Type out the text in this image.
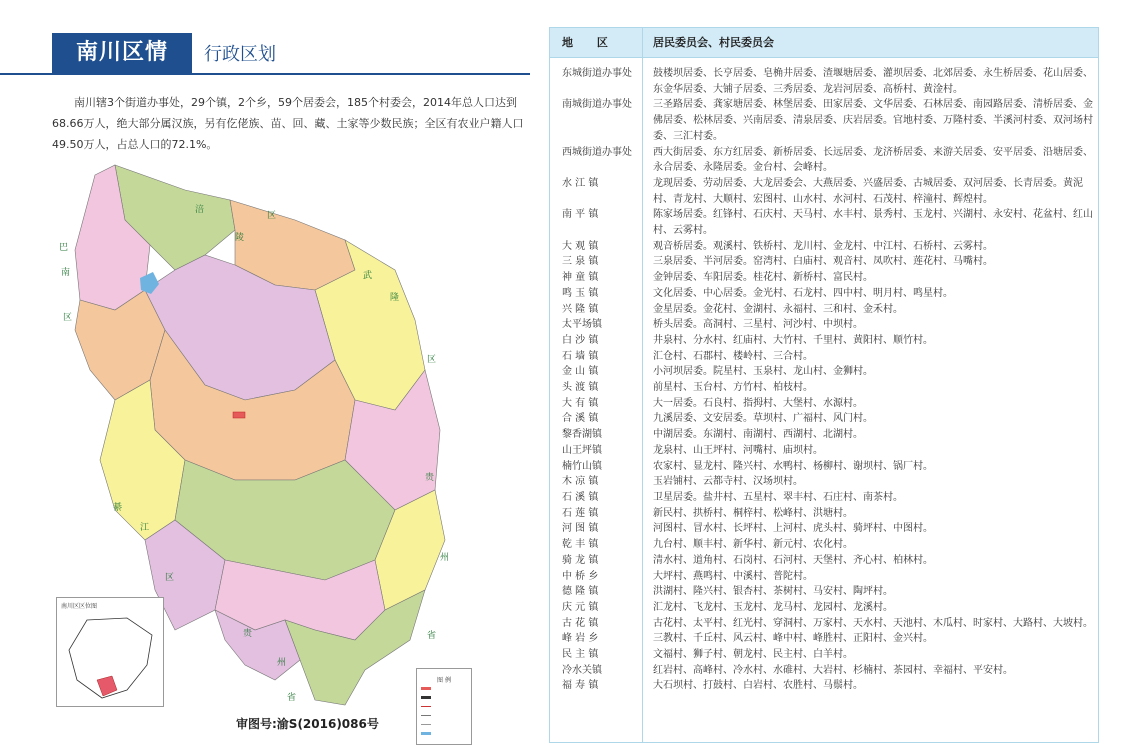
南川区情	行政区划

南川辖3个街道办事处，29个镇，2个乡，59个居委会，185个村委会，2014年总人口达到68.66万人，绝大部分属汉族，另有仡佬族、苗、回、藏、土家等少数民族；全区有农业户籍人口49.50万人，占总人口的72.1%。

涪
陵
区
武
隆
区
巴
南
区
綦
江
区
贵
州
省
贵
州
省
南川区区位图
图 例
审图号:渝S(2016)086号
地 区	居民委员会、村民委员会
东城街道办事处	鼓楼坝居委、长亨居委、皂桷井居委、渣堰塘居委、灌坝居委、北郊居委、永生桥居委、花山居委、东金华居委、大铺子居委、三秀居委、龙岩河居委、高桥村、黄淦村。
南城街道办事处	三圣路居委、龚家塘居委、林堡居委、田家居委、文华居委、石林居委、南园路居委、清桥居委、金佛居委、松林居委、兴南居委、清泉居委、庆岩居委。官地村委、万隆村委、半溪河村委、双河场村委、三汇村委。
西城街道办事处	西大街居委、东方红居委、新桥居委、长远居委、龙济桥居委、来游关居委、安平居委、沿塘居委、永合居委、永隆居委。金台村、会峰村。
水 江 镇	龙现居委、劳动居委、大龙居委会、大燕居委、兴盛居委、古城居委、双河居委、长青居委。黄泥村、青龙村、大顺村、宏图村、山水村、水河村、石茂村、梓潼村、辉煌村。
南 平 镇	陈家场居委。红锋村、石庆村、天马村、水丰村、景秀村、玉龙村、兴湖村、永安村、花盆村、红山村、云雾村。
大 观 镇	观音桥居委。观溪村、铁桥村、龙川村、金龙村、中江村、石桥村、云雾村。
三 泉 镇	三泉居委、半河居委。窑湾村、白庙村、观音村、凤吹村、莲花村、马嘴村。
神 童 镇	金钟居委、车阳居委。桂花村、新桥村、富民村。
鸣 玉 镇	文化居委、中心居委。金光村、石龙村、四中村、明月村、鸣星村。
兴 隆 镇	金星居委。金花村、金湖村、永福村、三和村、金禾村。
太平场镇	桥头居委。高洞村、三星村、河沙村、中坝村。
白 沙 镇	井泉村、分水村、红庙村、大竹村、千里村、黄阳村、顺竹村。
石 墙 镇	汇仓村、石郡村、楼岭村、三合村。
金 山 镇	小河坝居委。院星村、玉泉村、龙山村、金狮村。
头 渡 镇	前星村、玉台村、方竹村、柏枝村。
大 有 镇	大一居委。石良村、指拇村、大堡村、水源村。
合 溪 镇	九溪居委、文安居委。草坝村、广福村、风门村。
黎香湖镇	中湖居委。东湖村、南湖村、西湖村、北湖村。
山王坪镇	龙泉村、山王坪村、河嘴村、庙坝村。
楠竹山镇	农家村、显龙村、隆兴村、水鸭村、杨柳村、谢坝村、锅厂村。
木 凉 镇	玉岩铺村、云都寺村、汉场坝村。
石 溪 镇	卫星居委。盐井村、五星村、翠丰村、石庄村、南茶村。
石 莲 镇	新民村、拱桥村、桐梓村、松峰村、洪塘村。
河 图 镇	河图村、冒水村、长坪村、上河村、虎头村、骑坪村、中图村。
乾 丰 镇	九台村、顺丰村、新华村、新元村、农化村。
骑 龙 镇	清水村、道角村、石岗村、石河村、天堡村、齐心村、柏林村。
中 桥 乡	大坪村、燕鸣村、中溪村、普陀村。
德 隆 镇	洪湖村、隆兴村、银杏村、茶树村、马安村、陶坪村。
庆 元 镇	汇龙村、飞龙村、玉龙村、龙马村、龙园村、龙溪村。
古 花 镇	古花村、太平村、红光村、穿洞村、万家村、天水村、天池村、木瓜村、时家村、大路村、大坡村。
峰 岩 乡	三教村、千丘村、风云村、峰中村、峰胜村、正阳村、金兴村。
民 主 镇	文福村、狮子村、朝龙村、民主村、白羊村。
冷水关镇	红岩村、高峰村、冷水村、水碓村、大岩村、杉楠村、茶园村、幸福村、平安村。
福 寿 镇	大石坝村、打鼓村、白岩村、农胜村、马鬃村。
